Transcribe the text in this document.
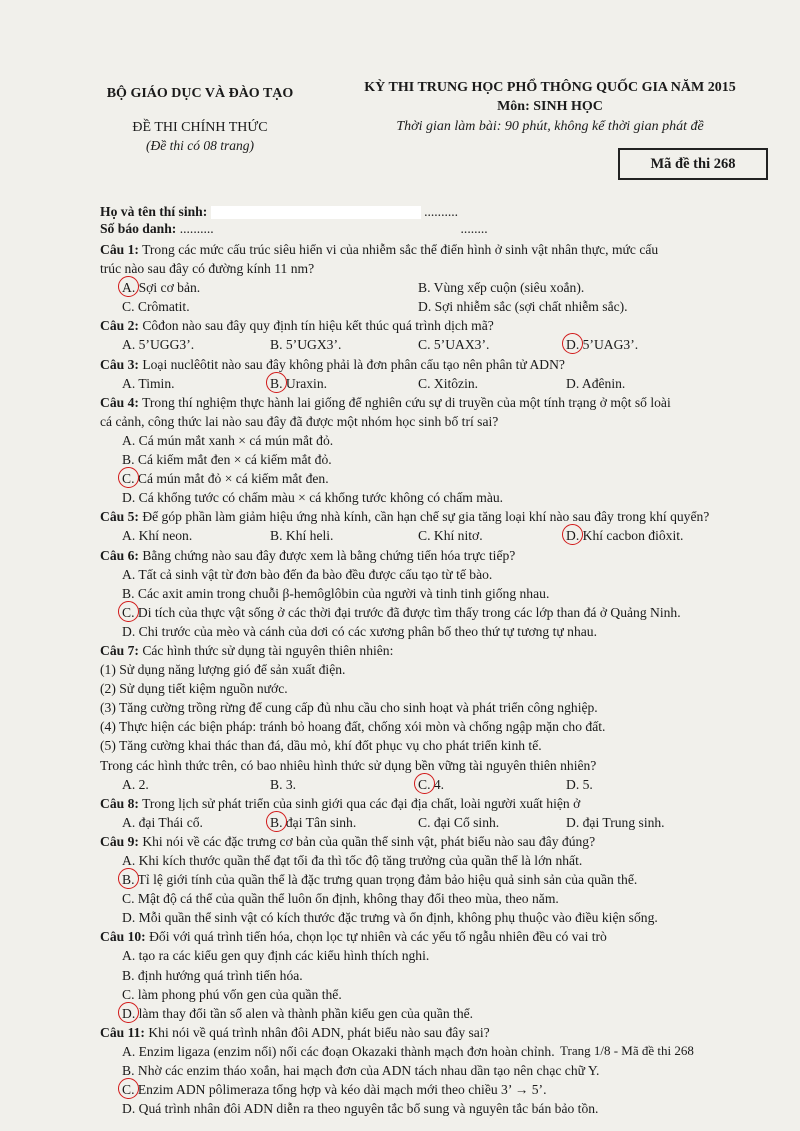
BỘ GIÁO DỤC VÀ ĐÀO TẠO
ĐỀ THI CHÍNH THỨC
(Đề thi có 08 trang)
KỲ THI TRUNG HỌC PHỔ THÔNG QUỐC GIA NĂM 2015
Môn: SINH HỌC
Thời gian làm bài: 90 phút, không kể thời gian phát đề
Mã đề thi 268
Họ và tên thí sinh:	..........
Số báo danh: ..........	........
Câu 1: Trong các mức cấu trúc siêu hiển vi của nhiễm sắc thể điển hình ở sinh vật nhân thực, mức cấu
trúc nào sau đây có đường kính 11 nm?
A. Sợi cơ bản.	B. Vùng xếp cuộn (siêu xoắn).
C. Crômatit.	D. Sợi nhiễm sắc (sợi chất nhiễm sắc).
Câu 2: Côđon nào sau đây quy định tín hiệu kết thúc quá trình dịch mã?
A. 5’UGG3’.	B. 5’UGX3’.	C. 5’UAX3’.	D. 5’UAG3’.
Câu 3: Loại nuclêôtit nào sau đây không phải là đơn phân cấu tạo nên phân tử ADN?
A. Timin.	B. Uraxin.	C. Xitôzin.	D. Ađênin.
Câu 4: Trong thí nghiệm thực hành lai giống để nghiên cứu sự di truyền của một tính trạng ở một số loài
cá cảnh, công thức lai nào sau đây đã được một nhóm học sinh bố trí sai?
A. Cá mún mắt xanh × cá mún mắt đỏ.
B. Cá kiếm mắt đen × cá kiếm mắt đỏ.
C. Cá mún mắt đỏ × cá kiếm mắt đen.
D. Cá khổng tước có chấm màu × cá khổng tước không có chấm màu.
Câu 5: Để góp phần làm giảm hiệu ứng nhà kính, cần hạn chế sự gia tăng loại khí nào sau đây trong khí quyển?
A. Khí neon.	B. Khí heli.	C. Khí nitơ.	D. Khí cacbon điôxit.
Câu 6: Bằng chứng nào sau đây được xem là bằng chứng tiến hóa trực tiếp?
A. Tất cả sinh vật từ đơn bào đến đa bào đều được cấu tạo từ tế bào.
B. Các axit amin trong chuỗi β-hemôglôbin của người và tinh tinh giống nhau.
C. Di tích của thực vật sống ở các thời đại trước đã được tìm thấy trong các lớp than đá ở Quảng Ninh.
D. Chi trước của mèo và cánh của dơi có các xương phân bố theo thứ tự tương tự nhau.
Câu 7: Các hình thức sử dụng tài nguyên thiên nhiên:
(1) Sử dụng năng lượng gió để sản xuất điện.
(2) Sử dụng tiết kiệm nguồn nước.
(3) Tăng cường trồng rừng để cung cấp đủ nhu cầu cho sinh hoạt và phát triển công nghiệp.
(4) Thực hiện các biện pháp: tránh bỏ hoang đất, chống xói mòn và chống ngập mặn cho đất.
(5) Tăng cường khai thác than đá, dầu mỏ, khí đốt phục vụ cho phát triển kinh tế.
Trong các hình thức trên, có bao nhiêu hình thức sử dụng bền vững tài nguyên thiên nhiên?
A. 2.	B. 3.	C. 4.	D. 5.
Câu 8: Trong lịch sử phát triển của sinh giới qua các đại địa chất, loài người xuất hiện ở
A. đại Thái cổ.	B. đại Tân sinh.	C. đại Cổ sinh.	D. đại Trung sinh.
Câu 9: Khi nói về các đặc trưng cơ bản của quần thể sinh vật, phát biểu nào sau đây đúng?
A. Khi kích thước quần thể đạt tối đa thì tốc độ tăng trưởng của quần thể là lớn nhất.
B. Tỉ lệ giới tính của quần thể là đặc trưng quan trọng đảm bảo hiệu quả sinh sản của quần thể.
C. Mật độ cá thể của quần thể luôn ổn định, không thay đổi theo mùa, theo năm.
D. Mỗi quần thể sinh vật có kích thước đặc trưng và ổn định, không phụ thuộc vào điều kiện sống.
Câu 10: Đối với quá trình tiến hóa, chọn lọc tự nhiên và các yếu tố ngẫu nhiên đều có vai trò
A. tạo ra các kiểu gen quy định các kiểu hình thích nghi.
B. định hướng quá trình tiến hóa.
C. làm phong phú vốn gen của quần thể.
D. làm thay đổi tần số alen và thành phần kiểu gen của quần thể.
Câu 11: Khi nói về quá trình nhân đôi ADN, phát biểu nào sau đây sai?
A. Enzim ligaza (enzim nối) nối các đoạn Okazaki thành mạch đơn hoàn chỉnh.
B. Nhờ các enzim tháo xoắn, hai mạch đơn của ADN tách nhau dần tạo nên chạc chữ Y.
C. Enzim ADN pôlimeraza tổng hợp và kéo dài mạch mới theo chiều 3’ → 5’.
D. Quá trình nhân đôi ADN diễn ra theo nguyên tắc bổ sung và nguyên tắc bán bảo tồn.
Trang 1/8 - Mã đề thi 268
